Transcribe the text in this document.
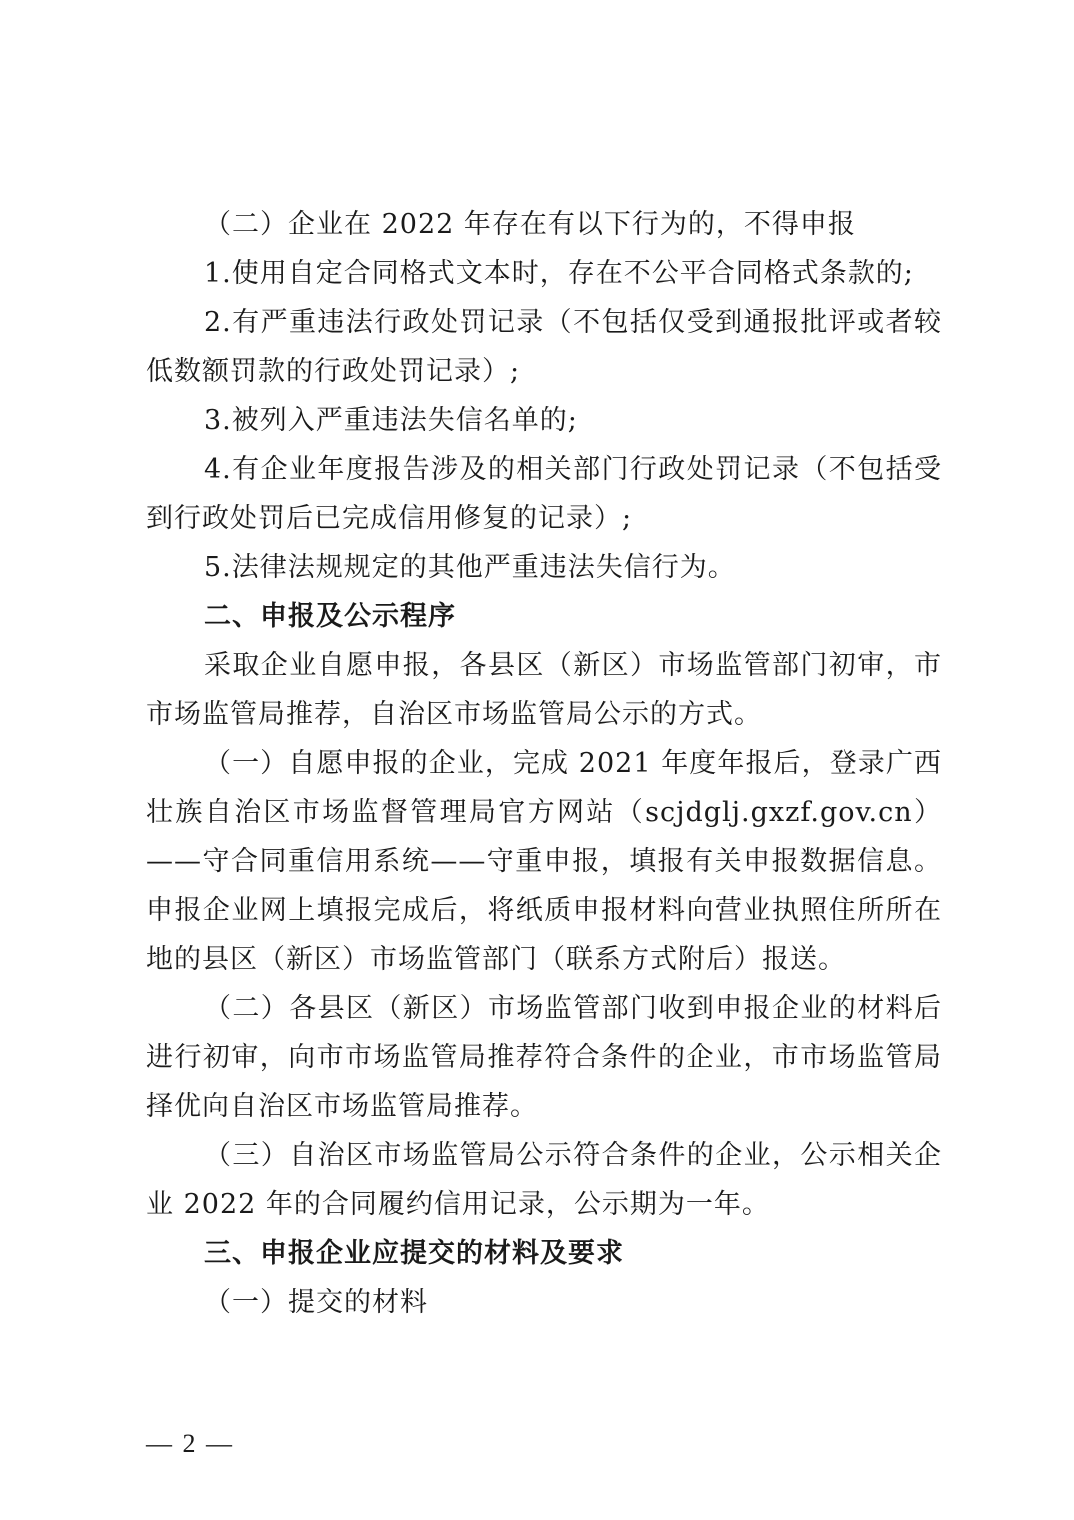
（二）企业在 2022 年存在有以下行为的，不得申报

1.使用自定合同格式文本时，存在不公平合同格式条款的;

2.有严重违法行政处罚记录（不包括仅受到通报批评或者较低数额罚款的行政处罚记录）;

3.被列入严重违法失信名单的;

4.有企业年度报告涉及的相关部门行政处罚记录（不包括受到行政处罚后已完成信用修复的记录）;

5.法律法规规定的其他严重违法失信行为。

二、申报及公示程序

采取企业自愿申报，各县区（新区）市场监管部门初审，市市场监管局推荐，自治区市场监管局公示的方式。

（一）自愿申报的企业，完成 2021 年度年报后，登录广西壮族自治区市场监督管理局官方网站（scjdglj.gxzf.gov.cn）——守合同重信用系统——守重申报，填报有关申报数据信息。申报企业网上填报完成后，将纸质申报材料向营业执照住所所在地的县区（新区）市场监管部门（联系方式附后）报送。

（二）各县区（新区）市场监管部门收到申报企业的材料后进行初审，向市市场监管局推荐符合条件的企业，市市场监管局择优向自治区市场监管局推荐。

（三）自治区市场监管局公示符合条件的企业，公示相关企业 2022 年的合同履约信用记录，公示期为一年。

三、申报企业应提交的材料及要求

（一）提交的材料

— 2 —
